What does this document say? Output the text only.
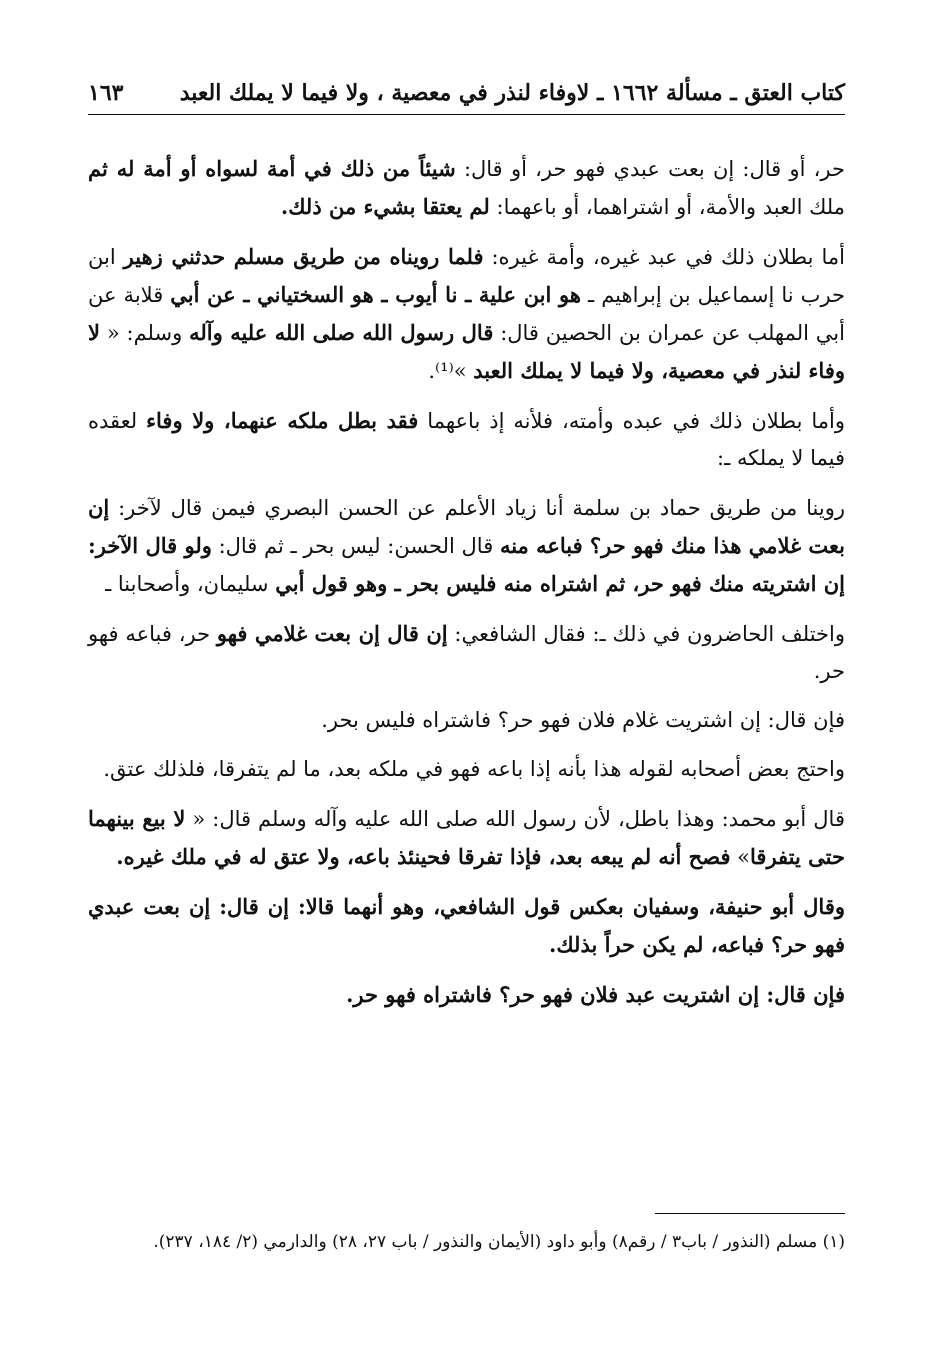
كتاب العتق ـ مسألة ١٦٦٢ ـ لاوفاء لنذر في معصية ، ولا فيما لا يملك العبد
١٦٣

حر، أو قال: إن بعت عبدي فهو حر، أو قال: شيئاً من ذلك في أمة لسواه أو أمة له ثم ملك العبد والأمة، أو اشتراهما، أو باعهما: لم يعتقا بشيء من ذلك.

أما بطلان ذلك في عبد غيره، وأمة غيره: فلما رويناه من طريق مسلم حدثني زهير ابن حرب نا إسماعيل بن إبراهيم ـ هو ابن علية ـ نا أيوب ـ هو السختياني ـ عن أبي قلابة عن أبي المهلب عن عمران بن الحصين قال: قال رسول الله صلى الله عليه وآله وسلم: « لا وفاء لنذر في معصية، ولا فيما لا يملك العبد »⁽¹⁾.

وأما بطلان ذلك في عبده وأمته، فلأنه إذ باعهما فقد بطل ملكه عنهما، ولا وفاء لعقده فيما لا يملكه ـ:

روينا من طريق حماد بن سلمة أنا زياد الأعلم عن الحسن البصري فيمن قال لآخر: إن بعت غلامي هذا منك فهو حر؟ فباعه منه قال الحسن: ليس بحر ـ ثم قال: ولو قال الآخر: إن اشتريته منك فهو حر، ثم اشتراه منه فليس بحر ـ وهو قول أبي سليمان، وأصحابنا ـ

واختلف الحاضرون في ذلك ـ: فقال الشافعي: إن قال إن بعت غلامي فهو حر، فباعه فهو حر.

فإن قال: إن اشتريت غلام فلان فهو حر؟ فاشتراه فليس بحر.

واحتج بعض أصحابه لقوله هذا بأنه إذا باعه فهو في ملكه بعد، ما لم يتفرقا، فلذلك عتق.

قال أبو محمد: وهذا باطل، لأن رسول الله صلى الله عليه وآله وسلم قال: « لا بيع بينهما حتى يتفرقا» فصح أنه لم يبعه بعد، فإذا تفرقا فحينئذ باعه، ولا عتق له في ملك غيره.

وقال أبو حنيفة، وسفيان بعكس قول الشافعي، وهو أنهما قالا: إن قال: إن بعت عبدي فهو حر؟ فباعه، لم يكن حراً بذلك.

فإن قال: إن اشتريت عبد فلان فهو حر؟ فاشتراه فهو حر.

(١) مسلم (النذور / باب٣ / رقم٨) وأبو داود (الأيمان والنذور / باب ٢٧، ٢٨) والدارمي (٢/ ١٨٤، ٢٣٧).
